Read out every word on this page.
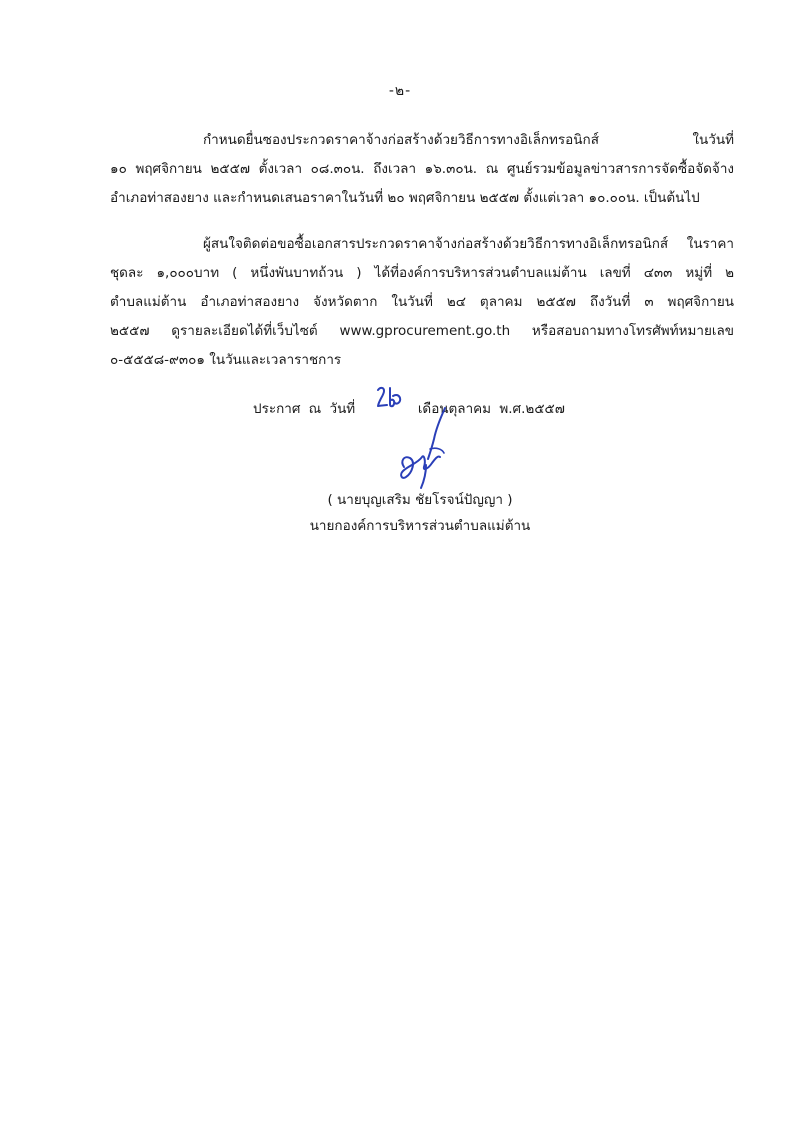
-๒-
กำหนดยื่นซองประกวดราคาจ้างก่อสร้างด้วยวิธีการทางอิเล็กทรอนิกส์ ในวันที่
๑๐ พฤศจิกายน ๒๕๕๗ ตั้งเวลา ๐๘.๓๐น. ถึงเวลา ๑๖.๓๐น. ณ ศูนย์รวมข้อมูลข่าวสารการจัดซื้อจัดจ้าง
อำเภอท่าสองยาง และกำหนดเสนอราคาในวันที่ ๒๐ พฤศจิกายน ๒๕๕๗ ตั้งแต่เวลา ๑๐.๐๐น. เป็นต้นไป
ผู้สนใจติดต่อขอซื้อเอกสารประกวดราคาจ้างก่อสร้างด้วยวิธีการทางอิเล็กทรอนิกส์ ในราคา
ชุดละ ๑,๐๐๐บาท ( หนึ่งพันบาทถ้วน ) ได้ที่องค์การบริหารส่วนตำบลแม่ต้าน เลขที่ ๔๓๓ หมู่ที่ ๒
ตำบลแม่ต้าน อำเภอท่าสองยาง จังหวัดตาก ในวันที่ ๒๔ ตุลาคม ๒๕๕๗ ถึงวันที่ ๓ พฤศจิกายน
๒๕๕๗ ดูรายละเอียดได้ที่เว็บไซต์ www.gprocurement.go.th หรือสอบถามทางโทรศัพท์หมายเลข
๐-๕๕๕๘-๙๓๐๑ ในวันและเวลาราชการ
ประกาศ ณ วันที่	เดือนตุลาคม พ.ศ.๒๕๕๗
( นายบุญเสริม ชัยโรจน์ปัญญา )
นายกองค์การบริหารส่วนตำบลแม่ต้าน
